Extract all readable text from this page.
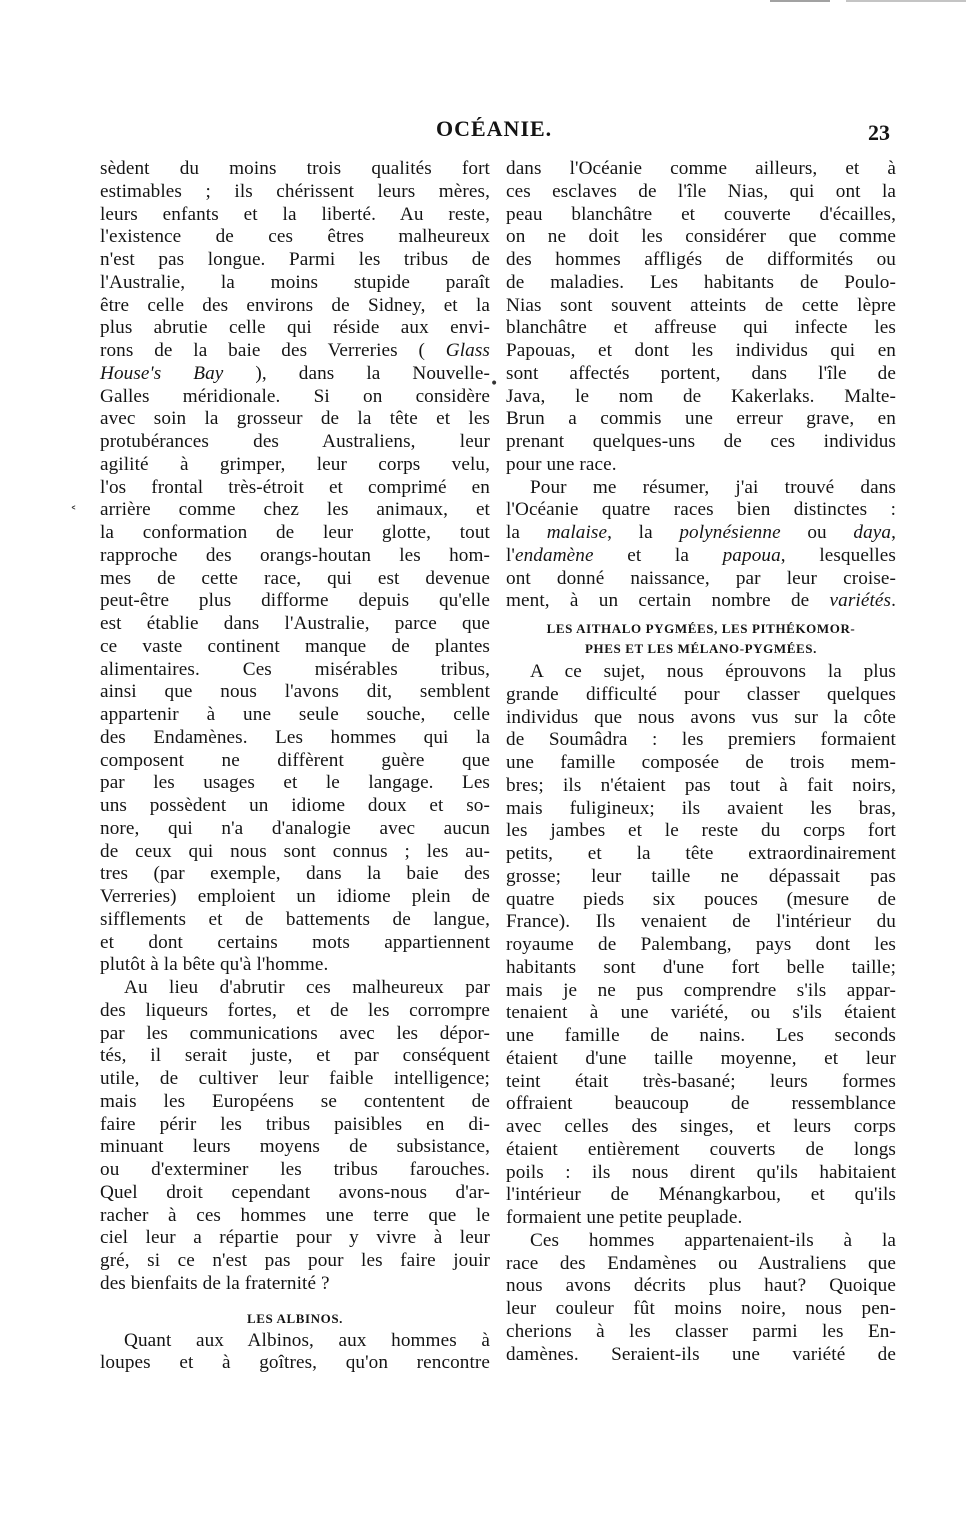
OCÉANIE.	23
˂
•
sèdent du moins trois qualités fort
estimables ; ils chérissent leurs mères,
leurs enfants et la liberté. Au reste,
l'existence de ces êtres malheureux
n'est pas longue. Parmi les tribus de
l'Australie, la moins stupide paraît
être celle des environs de Sidney, et la
plus abrutie celle qui réside aux envi-
rons de la baie des Verreries ( Glass
House's Bay ), dans la Nouvelle-
Galles méridionale. Si on considère
avec soin la grosseur de la tête et les
protubérances des Australiens, leur
agilité à grimper, leur corps velu,
l'os frontal très-étroit et comprimé en
arrière comme chez les animaux, et
la conformation de leur glotte, tout
rapproche des orangs-houtan les hom-
mes de cette race, qui est devenue
peut-être plus difforme depuis qu'elle
est établie dans l'Australie, parce que
ce vaste continent manque de plantes
alimentaires. Ces misérables tribus,
ainsi que nous l'avons dit, semblent
appartenir à une seule souche, celle
des Endamènes. Les hommes qui la
composent ne diffèrent guère que
par les usages et le langage. Les
uns possèdent un idiome doux et so-
nore, qui n'a d'analogie avec aucun
de ceux qui nous sont connus ; les au-
tres (par exemple, dans la baie des
Verreries) emploient un idiome plein de
sifflements et de battements de langue,
et dont certains mots appartiennent
plutôt à la bête qu'à l'homme.
Au lieu d'abrutir ces malheureux par
des liqueurs fortes, et de les corrompre
par les communications avec les dépor-
tés, il serait juste, et par conséquent
utile, de cultiver leur faible intelligence;
mais les Européens se contentent de
faire périr les tribus paisibles en di-
minuant leurs moyens de subsistance,
ou d'exterminer les tribus farouches.
Quel droit cependant avons-nous d'ar-
racher à ces hommes une terre que le
ciel leur a répartie pour y vivre à leur
gré, si ce n'est pas pour les faire jouir
des bienfaits de la fraternité ?
LES ALBINOS.
Quant aux Albinos, aux hommes à
loupes et à goîtres, qu'on rencontre
dans l'Océanie comme ailleurs, et à
ces esclaves de l'île Nias, qui ont la
peau blanchâtre et couverte d'écailles,
on ne doit les considérer que comme
des hommes affligés de difformités ou
de maladies. Les habitants de Poulo-
Nias sont souvent atteints de cette lèpre
blanchâtre et affreuse qui infecte les
Papouas, et dont les individus qui en
sont affectés portent, dans l'île de
Java, le nom de Kakerlaks. Malte-
Brun a commis une erreur grave, en
prenant quelques-uns de ces individus
pour une race.
Pour me résumer, j'ai trouvé dans
l'Océanie quatre races bien distinctes :
la malaise, la polynésienne ou daya,
l'endamène et la papoua, lesquelles
ont donné naissance, par leur croise-
ment, à un certain nombre de variétés.
LES AITHALO PYGMÉES, LES PITHÉKOMOR-
PHES ET LES MÉLANO-PYGMÉES.
A ce sujet, nous éprouvons la plus
grande difficulté pour classer quelques
individus que nous avons vus sur la côte
de Soumâdra : les premiers formaient
une famille composée de trois mem-
bres; ils n'étaient pas tout à fait noirs,
mais fuligineux; ils avaient les bras,
les jambes et le reste du corps fort
petits, et la tête extraordinairement
grosse; leur taille ne dépassait pas
quatre pieds six pouces (mesure de
France). Ils venaient de l'intérieur du
royaume de Palembang, pays dont les
habitants sont d'une fort belle taille;
mais je ne pus comprendre s'ils appar-
tenaient à une variété, ou s'ils étaient
une famille de nains. Les seconds
étaient d'une taille moyenne, et leur
teint était très-basané; leurs formes
offraient beaucoup de ressemblance
avec celles des singes, et leurs corps
étaient entièrement couverts de longs
poils : ils nous dirent qu'ils habitaient
l'intérieur de Ménangkarbou, et qu'ils
formaient une petite peuplade.
Ces hommes appartenaient-ils à la
race des Endamènes ou Australiens que
nous avons décrits plus haut? Quoique
leur couleur fût moins noire, nous pen-
cherions à les classer parmi les En-
damènes. Seraient-ils une variété de
